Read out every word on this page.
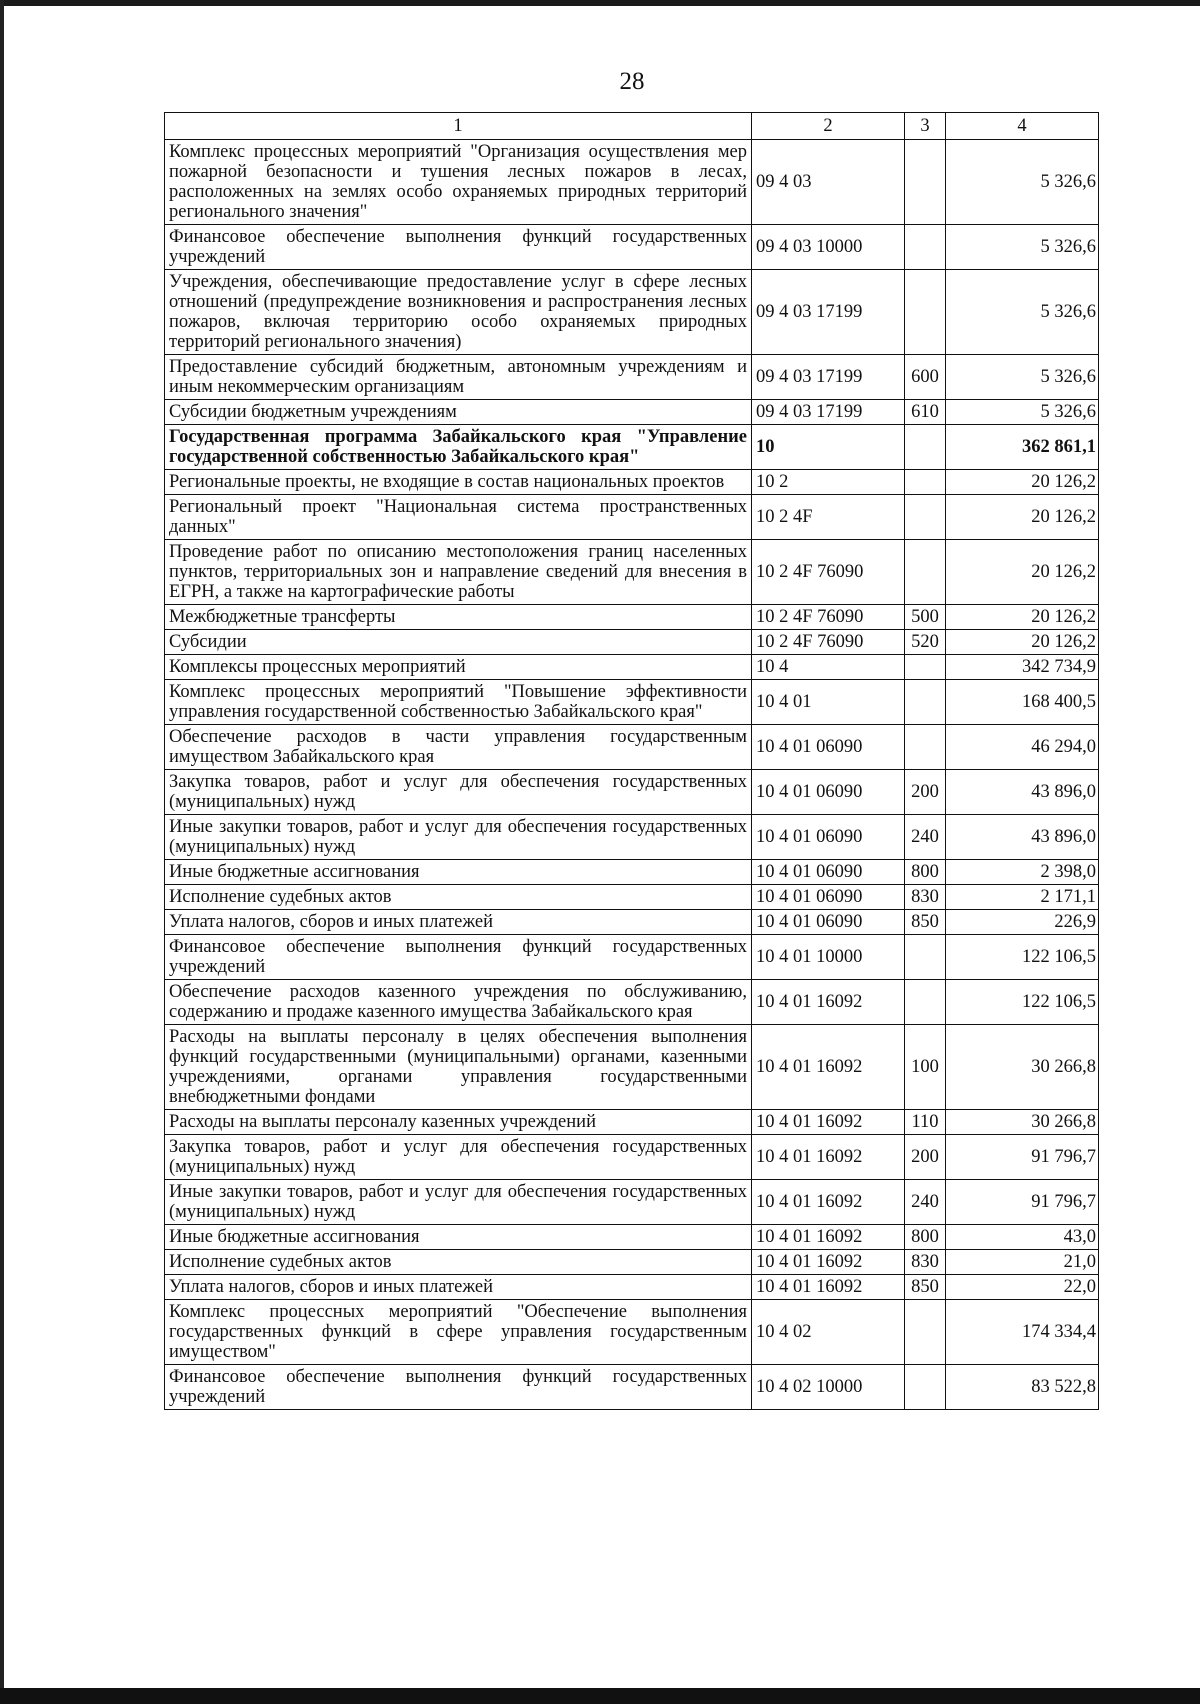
28
1	2	3	4
Комплекс процессных мероприятий "Организация осуществления мер пожарной безопасности и тушения лесных пожаров в лесах, расположенных на землях особо охраняемых природных территорий регионального значения"	09 4 03		5 326,6
Финансовое обеспечение выполнения функций государственных учреждений	09 4 03 10000		5 326,6
Учреждения, обеспечивающие предоставление услуг в сфере лесных отношений (предупреждение возникновения и распространения лесных пожаров, включая территорию особо охраняемых природных территорий регионального значения)	09 4 03 17199		5 326,6
Предоставление субсидий бюджетным, автономным учреждениям и иным некоммерческим организациям	09 4 03 17199	600	5 326,6
Субсидии бюджетным учреждениям	09 4 03 17199	610	5 326,6
Государственная программа Забайкальского края "Управление государственной собственностью Забайкальского края"	10		362 861,1
Региональные проекты, не входящие в состав национальных проектов	10 2		20 126,2
Региональный проект "Национальная система пространственных данных"	10 2 4F		20 126,2
Проведение работ по описанию местоположения границ населенных пунктов, территориальных зон и направление сведений для внесения в ЕГРН, а также на картографические работы	10 2 4F 76090		20 126,2
Межбюджетные трансферты	10 2 4F 76090	500	20 126,2
Субсидии	10 2 4F 76090	520	20 126,2
Комплексы процессных мероприятий	10 4		342 734,9
Комплекс процессных мероприятий "Повышение эффективности управления государственной собственностью Забайкальского края"	10 4 01		168 400,5
Обеспечение расходов в части управления государственным имуществом Забайкальского края	10 4 01 06090		46 294,0
Закупка товаров, работ и услуг для обеспечения государственных (муниципальных) нужд	10 4 01 06090	200	43 896,0
Иные закупки товаров, работ и услуг для обеспечения государственных (муниципальных) нужд	10 4 01 06090	240	43 896,0
Иные бюджетные ассигнования	10 4 01 06090	800	2 398,0
Исполнение судебных актов	10 4 01 06090	830	2 171,1
Уплата налогов, сборов и иных платежей	10 4 01 06090	850	226,9
Финансовое обеспечение выполнения функций государственных учреждений	10 4 01 10000		122 106,5
Обеспечение расходов казенного учреждения по обслуживанию, содержанию и продаже казенного имущества Забайкальского края	10 4 01 16092		122 106,5
Расходы на выплаты персоналу в целях обеспечения выполнения функций государственными (муниципальными) органами, казенными учреждениями, органами управления государственными внебюджетными фондами	10 4 01 16092	100	30 266,8
Расходы на выплаты персоналу казенных учреждений	10 4 01 16092	110	30 266,8
Закупка товаров, работ и услуг для обеспечения государственных (муниципальных) нужд	10 4 01 16092	200	91 796,7
Иные закупки товаров, работ и услуг для обеспечения государственных (муниципальных) нужд	10 4 01 16092	240	91 796,7
Иные бюджетные ассигнования	10 4 01 16092	800	43,0
Исполнение судебных актов	10 4 01 16092	830	21,0
Уплата налогов, сборов и иных платежей	10 4 01 16092	850	22,0
Комплекс процессных мероприятий "Обеспечение выполнения государственных функций в сфере управления государственным имуществом"	10 4 02		174 334,4
Финансовое обеспечение выполнения функций государственных учреждений	10 4 02 10000		83 522,8
